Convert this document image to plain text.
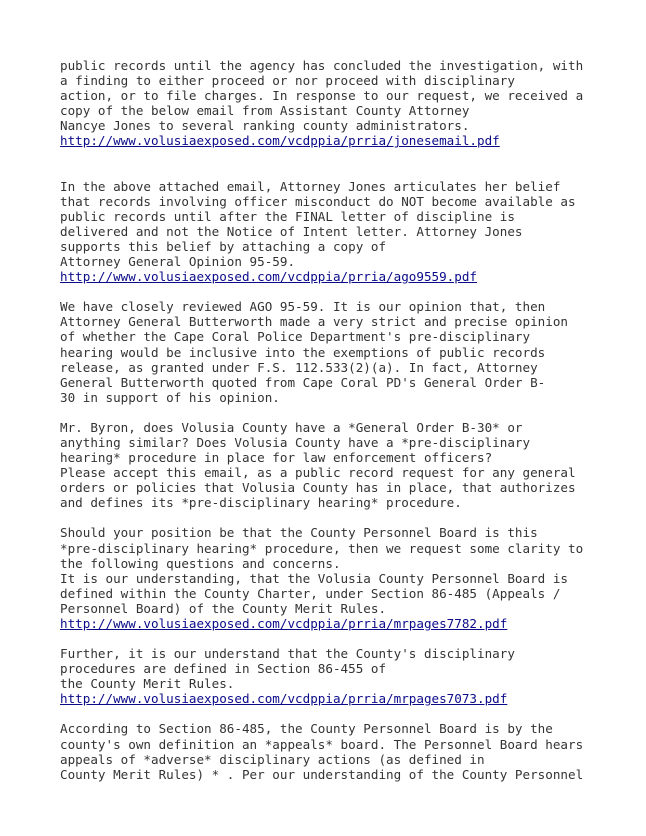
public records until the agency has concluded the investigation, with
a finding to either proceed or nor proceed with disciplinary
action, or to file charges. In response to our request, we received a
copy of the below email from Assistant County Attorney
Nancye Jones to several ranking county administrators.
http://www.volusiaexposed.com/vcdppia/prria/jonesemail.pdf
In the above attached email, Attorney Jones articulates her belief
that records involving officer misconduct do NOT become available as
public records until after the FINAL letter of discipline is
delivered and not the Notice of Intent letter. Attorney Jones
supports this belief by attaching a copy of
Attorney General Opinion 95-59.
http://www.volusiaexposed.com/vcdppia/prria/ago9559.pdf
We have closely reviewed AGO 95-59. It is our opinion that, then
Attorney General Butterworth made a very strict and precise opinion
of whether the Cape Coral Police Department's pre-disciplinary
hearing would be inclusive into the exemptions of public records
release, as granted under F.S. 112.533(2)(a). In fact, Attorney
General Butterworth quoted from Cape Coral PD's General Order B-
30 in support of his opinion.
Mr. Byron, does Volusia County have a *General Order B-30* or
anything similar? Does Volusia County have a *pre-disciplinary
hearing* procedure in place for law enforcement officers?
Please accept this email, as a public record request for any general
orders or policies that Volusia County has in place, that authorizes
and defines its *pre-disciplinary hearing* procedure.
Should your position be that the County Personnel Board is this
*pre-disciplinary hearing* procedure, then we request some clarity to
the following questions and concerns.
It is our understanding, that the Volusia County Personnel Board is
defined within the County Charter, under Section 86-485 (Appeals /
Personnel Board) of the County Merit Rules.
http://www.volusiaexposed.com/vcdppia/prria/mrpages7782.pdf
Further, it is our understand that the County's disciplinary
procedures are defined in Section 86-455 of
the County Merit Rules.
http://www.volusiaexposed.com/vcdppia/prria/mrpages7073.pdf
According to Section 86-485, the County Personnel Board is by the
county's own definition an *appeals* board. The Personnel Board hears
appeals of *adverse* disciplinary actions (as defined in
County Merit Rules) * . Per our understanding of the County Personnel
